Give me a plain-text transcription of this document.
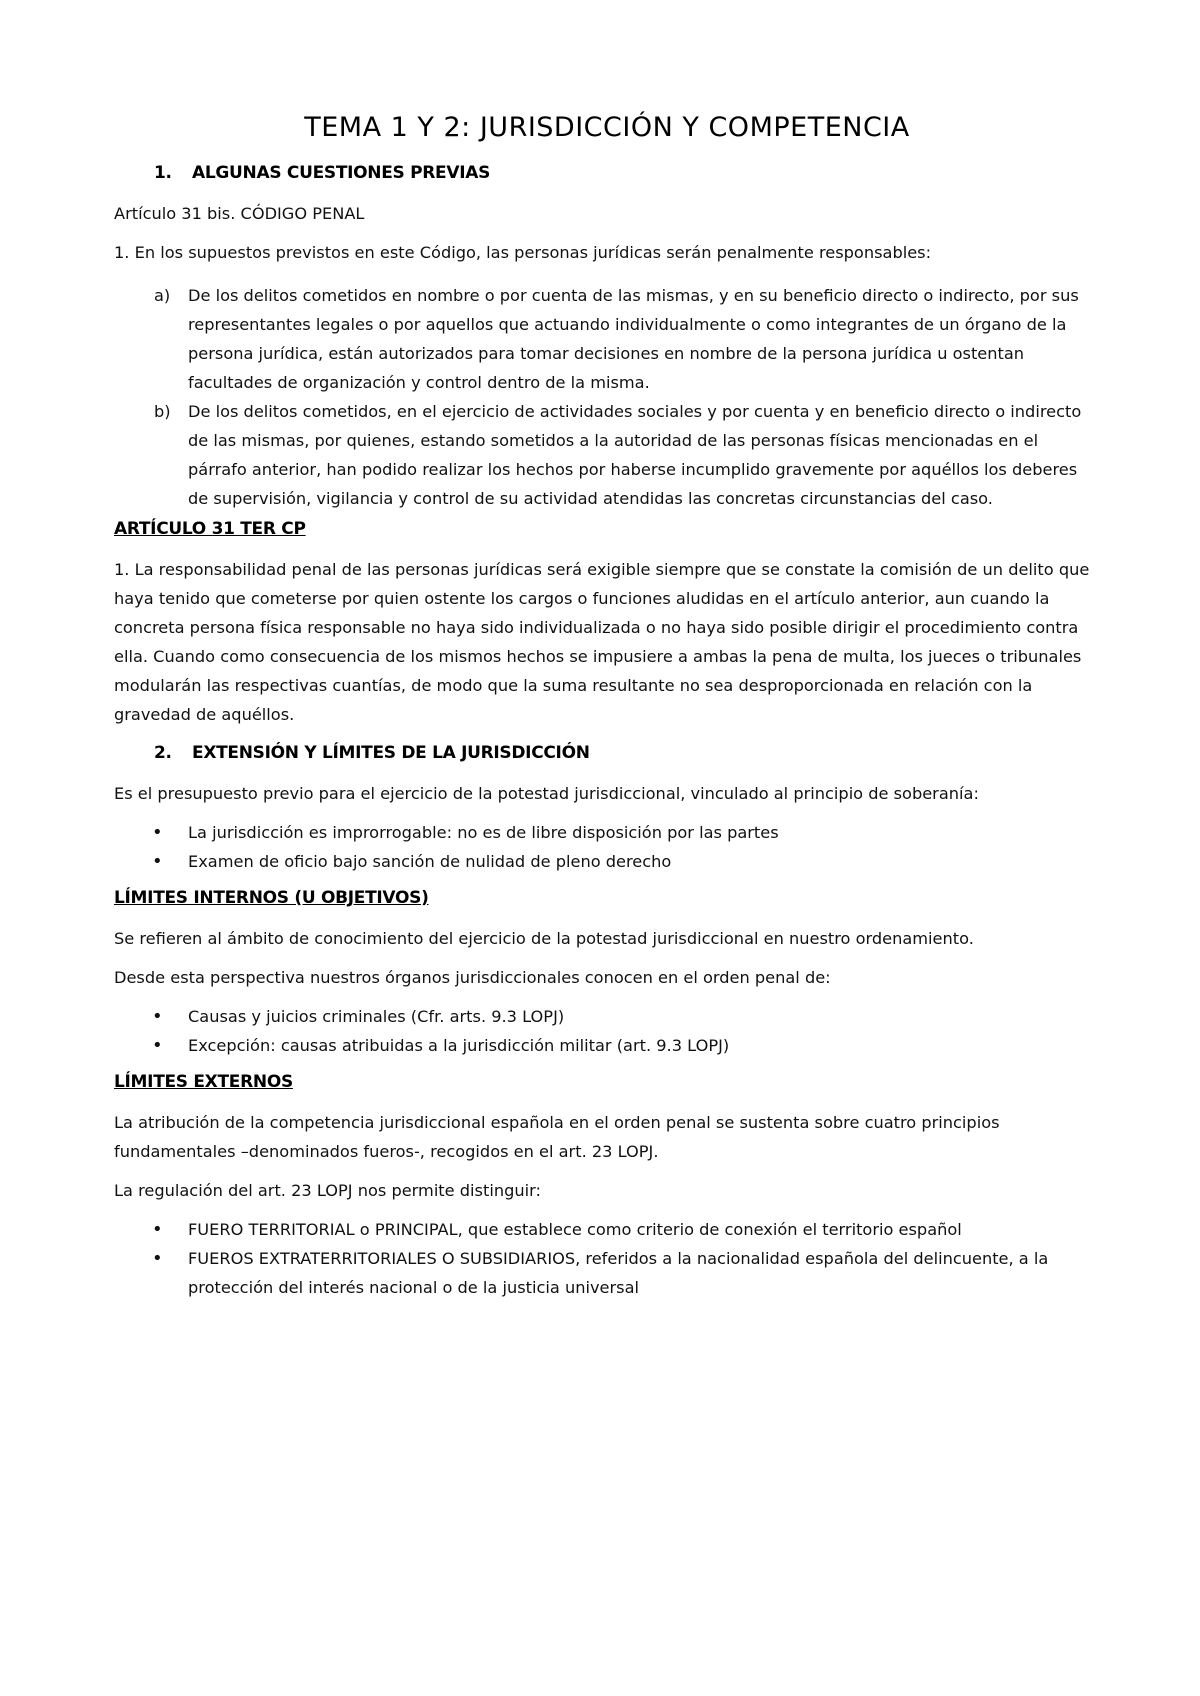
TEMA 1 Y 2: JURISDICCIÓN Y COMPETENCIA
1.	ALGUNAS CUESTIONES PREVIAS

Artículo 31 bis. CÓDIGO PENAL

1. En los supuestos previstos en este Código, las personas jurídicas serán penalmente responsables:

a)	De los delitos cometidos en nombre o por cuenta de las mismas, y en su beneficio directo o indirecto, por sus representantes legales o por aquellos que actuando individualmente o como integrantes de un órgano de la persona jurídica, están autorizados para tomar decisiones en nombre de la persona jurídica u ostentan facultades de organización y control dentro de la misma.
b)	De los delitos cometidos, en el ejercicio de actividades sociales y por cuenta y en beneficio directo o indirecto de las mismas, por quienes, estando sometidos a la autoridad de las personas físicas mencionadas en el párrafo anterior, han podido realizar los hechos por haberse incumplido gravemente por aquéllos los deberes de supervisión, vigilancia y control de su actividad atendidas las concretas circunstancias del caso.
ARTÍCULO 31 TER CP

1. La responsabilidad penal de las personas jurídicas será exigible siempre que se constate la comisión de un delito que haya tenido que cometerse por quien ostente los cargos o funciones aludidas en el artículo anterior, aun cuando la concreta persona física responsable no haya sido individualizada o no haya sido posible dirigir el procedimiento contra ella. Cuando como consecuencia de los mismos hechos se impusiere a ambas la pena de multa, los jueces o tribunales modularán las respectivas cuantías, de modo que la suma resultante no sea desproporcionada en relación con la gravedad de aquéllos.

2.	EXTENSIÓN Y LÍMITES DE LA JURISDICCIÓN

Es el presupuesto previo para el ejercicio de la potestad jurisdiccional, vinculado al principio de soberanía:

•
La jurisdicción es improrrogable: no es de libre disposición por las partes
•
Examen de oficio bajo sanción de nulidad de pleno derecho
LÍMITES INTERNOS (U OBJETIVOS)

Se refieren al ámbito de conocimiento del ejercicio de la potestad jurisdiccional en nuestro ordenamiento.

Desde esta perspectiva nuestros órganos jurisdiccionales conocen en el orden penal de:

•
Causas y juicios criminales (Cfr. arts. 9.3 LOPJ)
•
Excepción: causas atribuidas a la jurisdicción militar (art. 9.3 LOPJ)
LÍMITES EXTERNOS

La atribución de la competencia jurisdiccional española en el orden penal se sustenta sobre cuatro principios fundamentales –denominados fueros-, recogidos en el art. 23 LOPJ.

La regulación del art. 23 LOPJ nos permite distinguir:

•
FUERO TERRITORIAL o PRINCIPAL, que establece como criterio de conexión el territorio español
•
FUEROS EXTRATERRITORIALES O SUBSIDIARIOS, referidos a la nacionalidad española del delincuente, a la protección del interés nacional o de la justicia universal
